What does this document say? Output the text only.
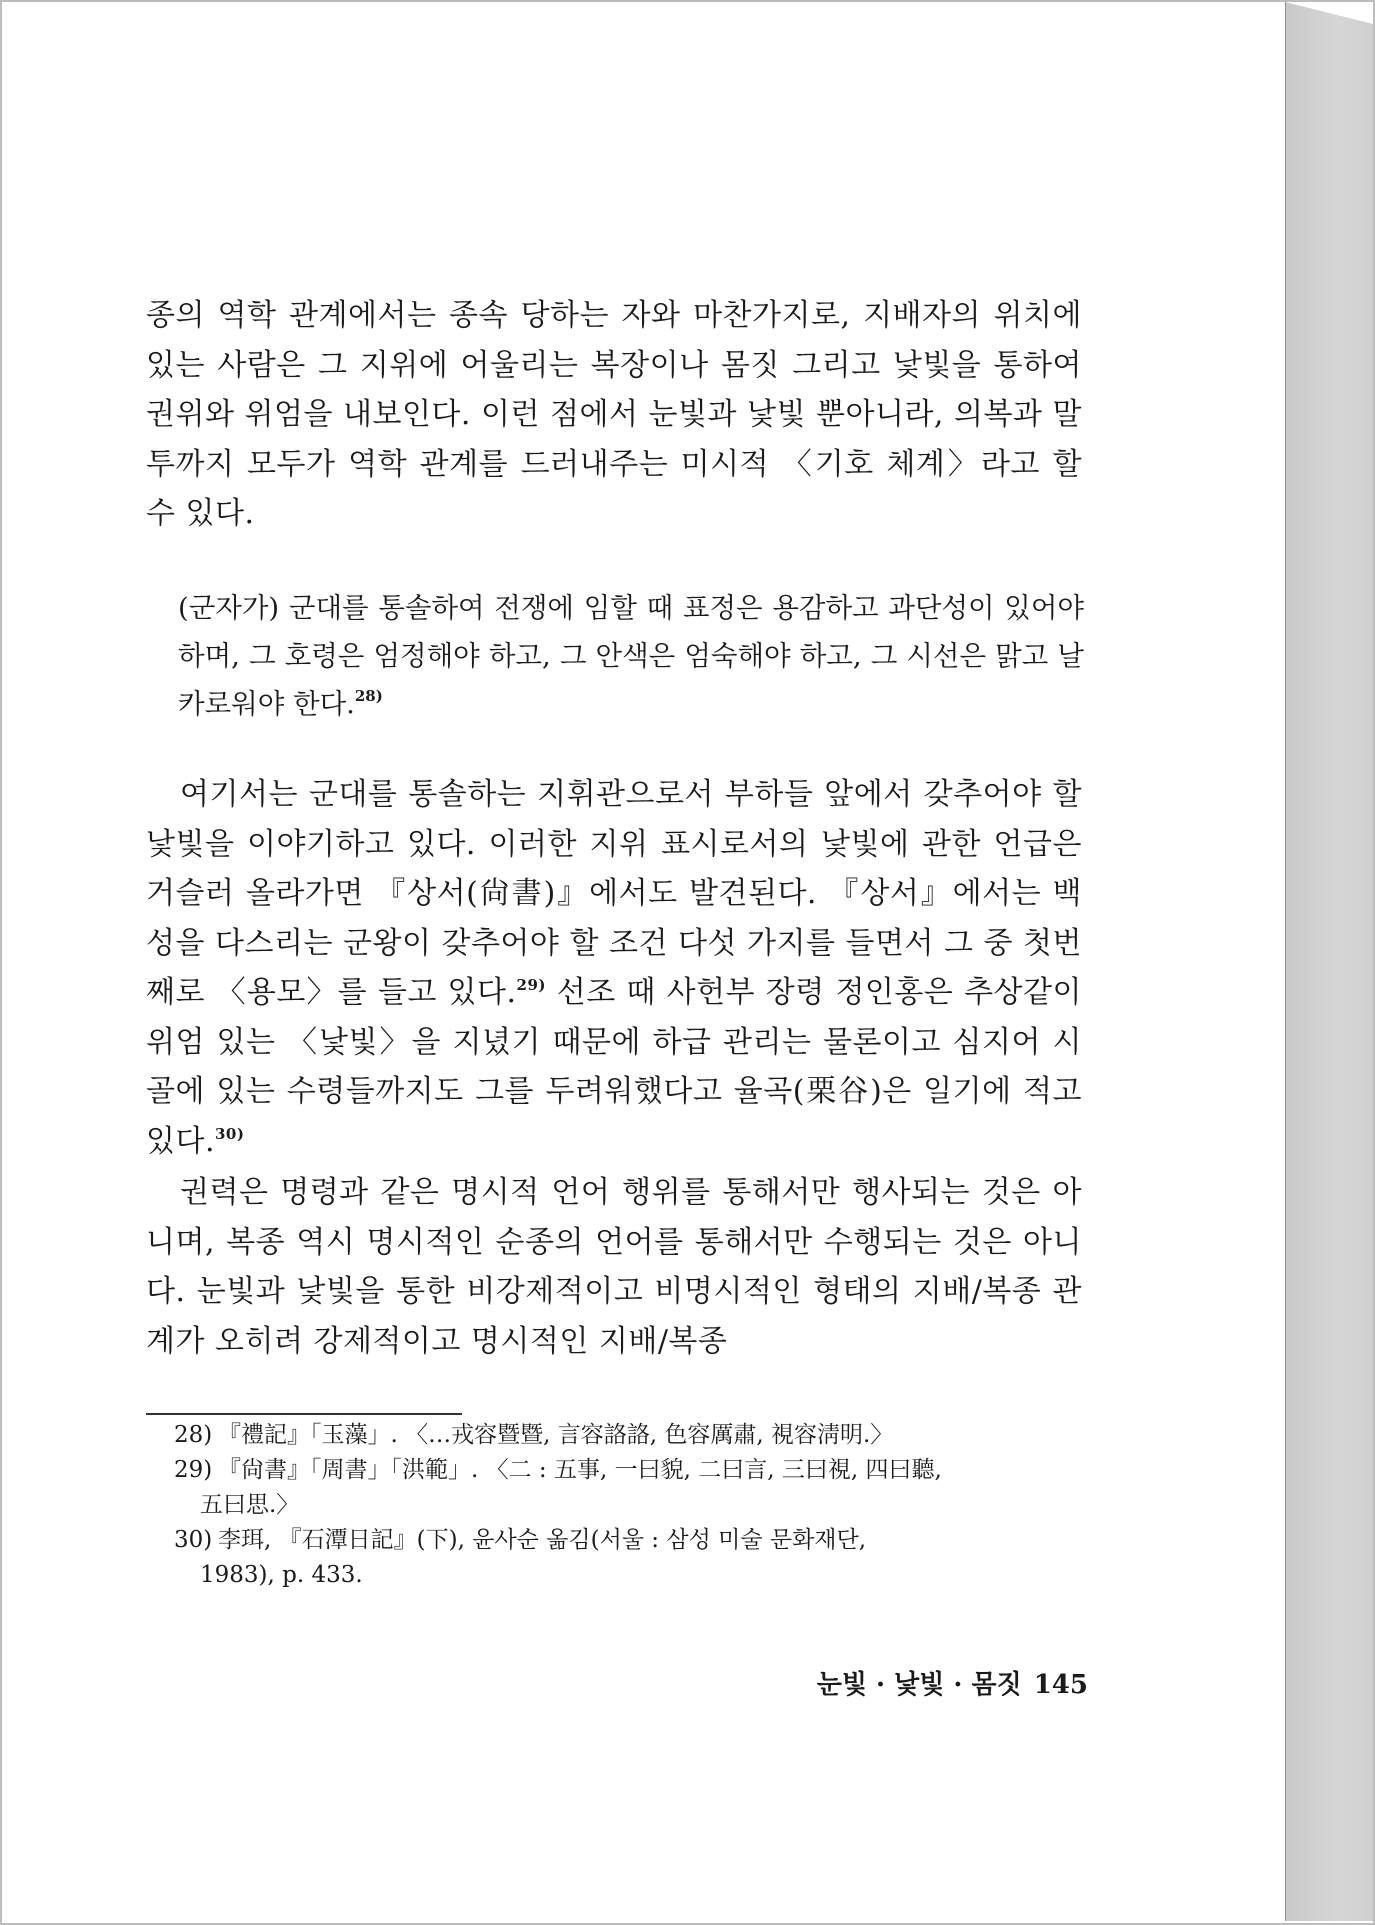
종의 역학 관계에서는 종속 당하는 자와 마찬가지로, 지배자의 위치에 있는 사람은 그 지위에 어울리는 복장이나 몸짓 그리고 낯빛을 통하여 권위와 위엄을 내보인다. 이런 점에서 눈빛과 낯빛 뿐아니라, 의복과 말투까지 모두가 역학 관계를 드러내주는 미시적 〈기호 체계〉라고 할 수 있다.

(군자가) 군대를 통솔하여 전쟁에 임할 때 표정은 용감하고 과단성이 있어야 하며, 그 호령은 엄정해야 하고, 그 안색은 엄숙해야 하고, 그 시선은 맑고 날카로워야 한다.$^{28)}$

여기서는 군대를 통솔하는 지휘관으로서 부하들 앞에서 갖추어야 할 낯빛을 이야기하고 있다. 이러한 지위 표시로서의 낯빛에 관한 언급은 거슬러 올라가면 『상서(尙書)』에서도 발견된다. 『상서』에서는 백성을 다스리는 군왕이 갖추어야 할 조건 다섯 가지를 들면서 그 중 첫번째로 〈용모〉를 들고 있다.$^{29)}$ 선조 때 사헌부 장령 정인홍은 추상같이 위엄 있는 〈낯빛〉을 지녔기 때문에 하급 관리는 물론이고 심지어 시골에 있는 수령들까지도 그를 두려워했다고 율곡(栗谷)은 일기에 적고 있다.$^{30)}$

권력은 명령과 같은 명시적 언어 행위를 통해서만 행사되는 것은 아니며, 복종 역시 명시적인 순종의 언어를 통해서만 수행되는 것은 아니다. 눈빛과 낯빛을 통한 비강제적이고 비명시적인 형태의 지배/복종 관계가 오히려 강제적이고 명시적인 지배/복종

28) 『禮記』「玉藻」. 〈…戎容暨暨, 言容詻詻, 色容厲肅, 視容淸明.〉

29) 『尙書』「周書」「洪範」. 〈二 : 五事, 一曰貌, 二曰言, 三曰視, 四曰聽,

五曰思.〉

30) 李珥, 『石潭日記』(下), 윤사순 옮김(서울 : 삼성 미술 문화재단,

1983), p. 433.

눈빛 · 낯빛 · 몸짓 145
